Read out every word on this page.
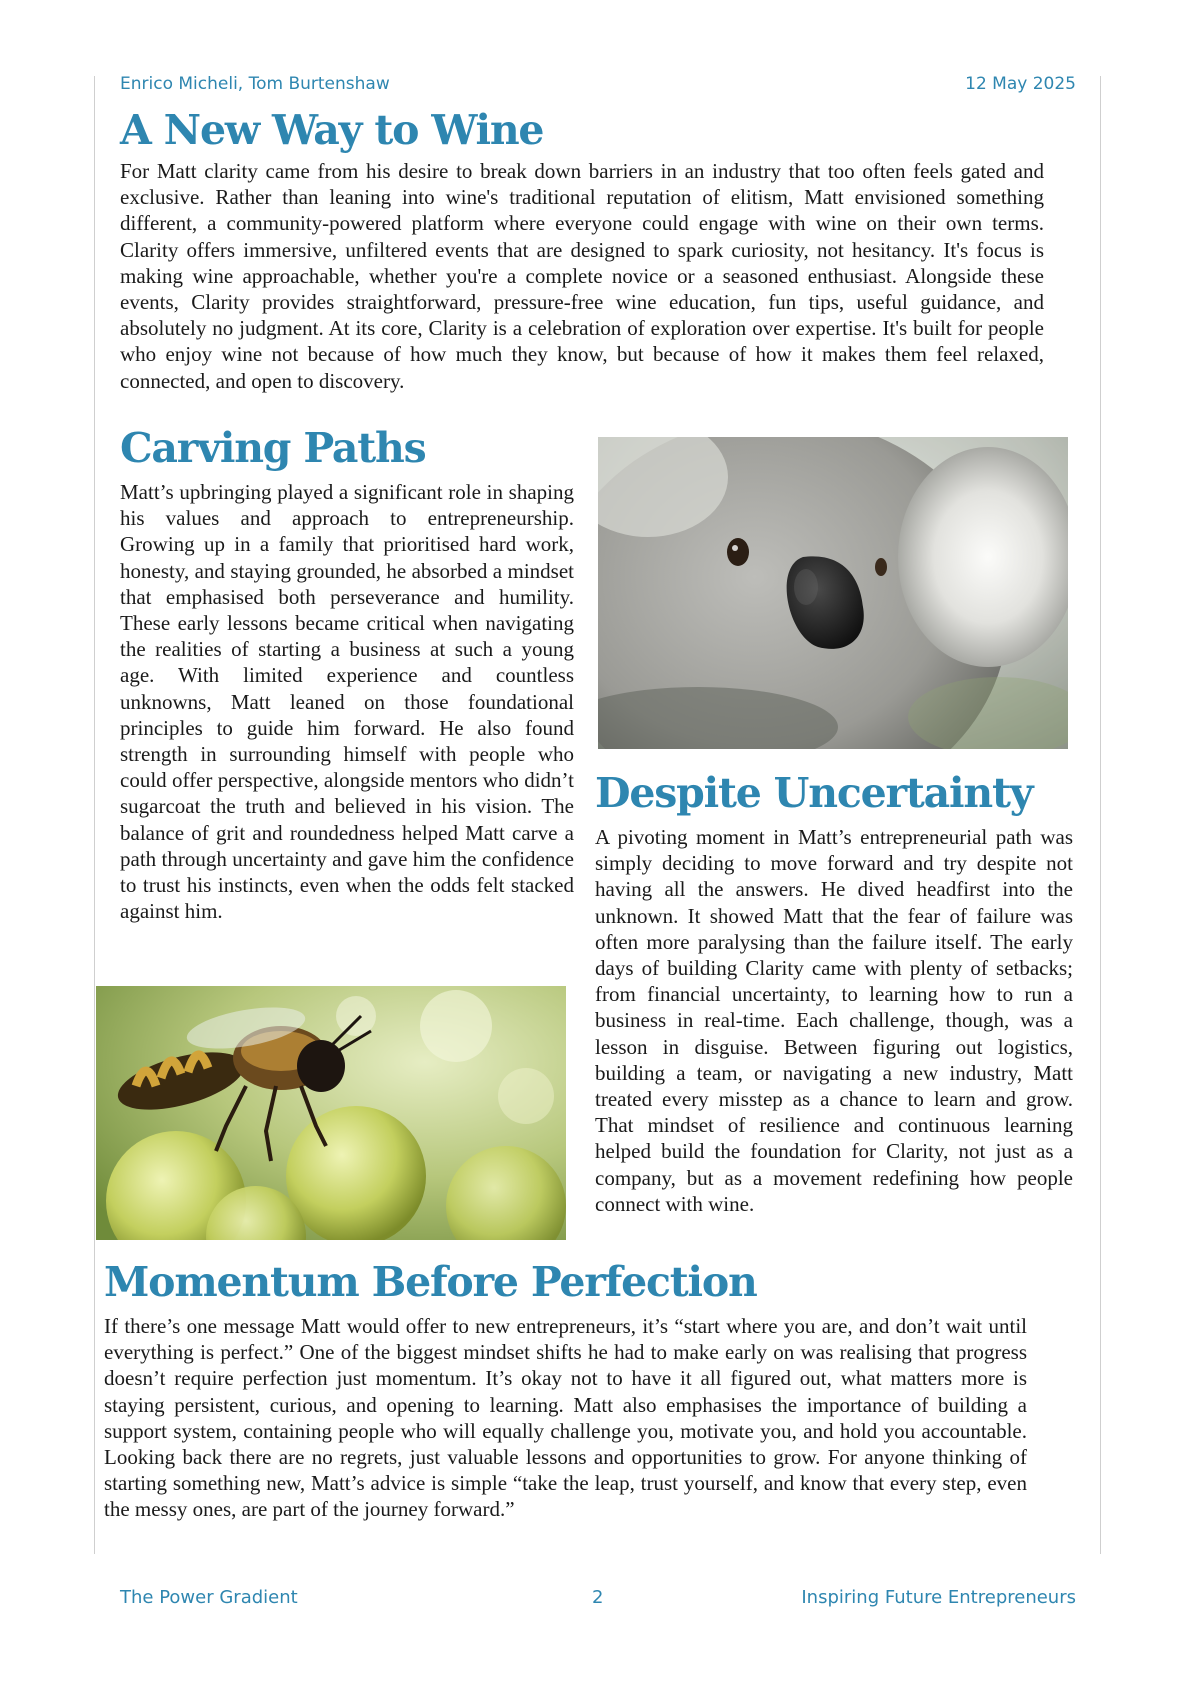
Enrico Micheli, Tom Burtenshaw	12 May 2025
A New Way to Wine

For Matt clarity came from his desire to break down barriers in an industry that too often feels gated and exclusive. Rather than leaning into wine's traditional reputation of elitism, Matt envisioned something different, a community-powered platform where everyone could engage with wine on their own terms. Clarity offers immersive, unfiltered events that are designed to spark curiosity, not hesitancy. It's focus is making wine approachable, whether you're a complete novice or a seasoned enthusiast. Alongside these events, Clarity provides straightforward, pressure-free wine education, fun tips, useful guidance, and absolutely no judgment. At its core, Clarity is a celebration of exploration over expertise. It's built for people who enjoy wine not because of how much they know, but because of how it makes them feel relaxed, connected, and open to discovery.

Carving Paths

Matt’s upbringing played a significant role in shaping his values and approach to entrepreneurship. Growing up in a family that prioritised hard work, honesty, and staying grounded, he absorbed a mindset that emphasised both perseverance and humility. These early lessons became critical when navigating the realities of starting a business at such a young age. With limited experience and countless unknowns, Matt leaned on those foundational principles to guide him forward. He also found strength in surrounding himself with people who could offer perspective, alongside mentors who didn’t sugarcoat the truth and believed in his vision. The balance of grit and roundedness helped Matt carve a path through uncertainty and gave him the confidence to trust his instincts, even when the odds felt stacked against him.

Despite Uncertainty

A pivoting moment in Matt’s entrepreneurial path was simply deciding to move forward and try despite not having all the answers. He dived headfirst into the unknown. It showed Matt that the fear of failure was often more paralysing than the failure itself. The early days of building Clarity came with plenty of setbacks; from financial uncertainty, to learning how to run a business in real-time. Each challenge, though, was a lesson in disguise. Between figuring out logistics, building a team, or navigating a new industry, Matt treated every misstep as a chance to learn and grow. That mindset of resilience and continuous learning helped build the foundation for Clarity, not just as a company, but as a movement redefining how people connect with wine.

Momentum Before Perfection

If there’s one message Matt would offer to new entrepreneurs, it’s “start where you are, and don’t wait until everything is perfect.” One of the biggest mindset shifts he had to make early on was realising that progress doesn’t require perfection just momentum. It’s okay not to have it all figured out, what matters more is staying persistent, curious, and opening to learning. Matt also emphasises the importance of building a support system, containing people who will equally challenge you, motivate you, and hold you accountable. Looking back there are no regrets, just valuable lessons and opportunities to grow. For anyone thinking of starting something new, Matt’s advice is simple “take the leap, trust yourself, and know that every step, even the messy ones, are part of the journey forward.”

The Power Gradient	2	Inspiring Future Entrepreneurs
